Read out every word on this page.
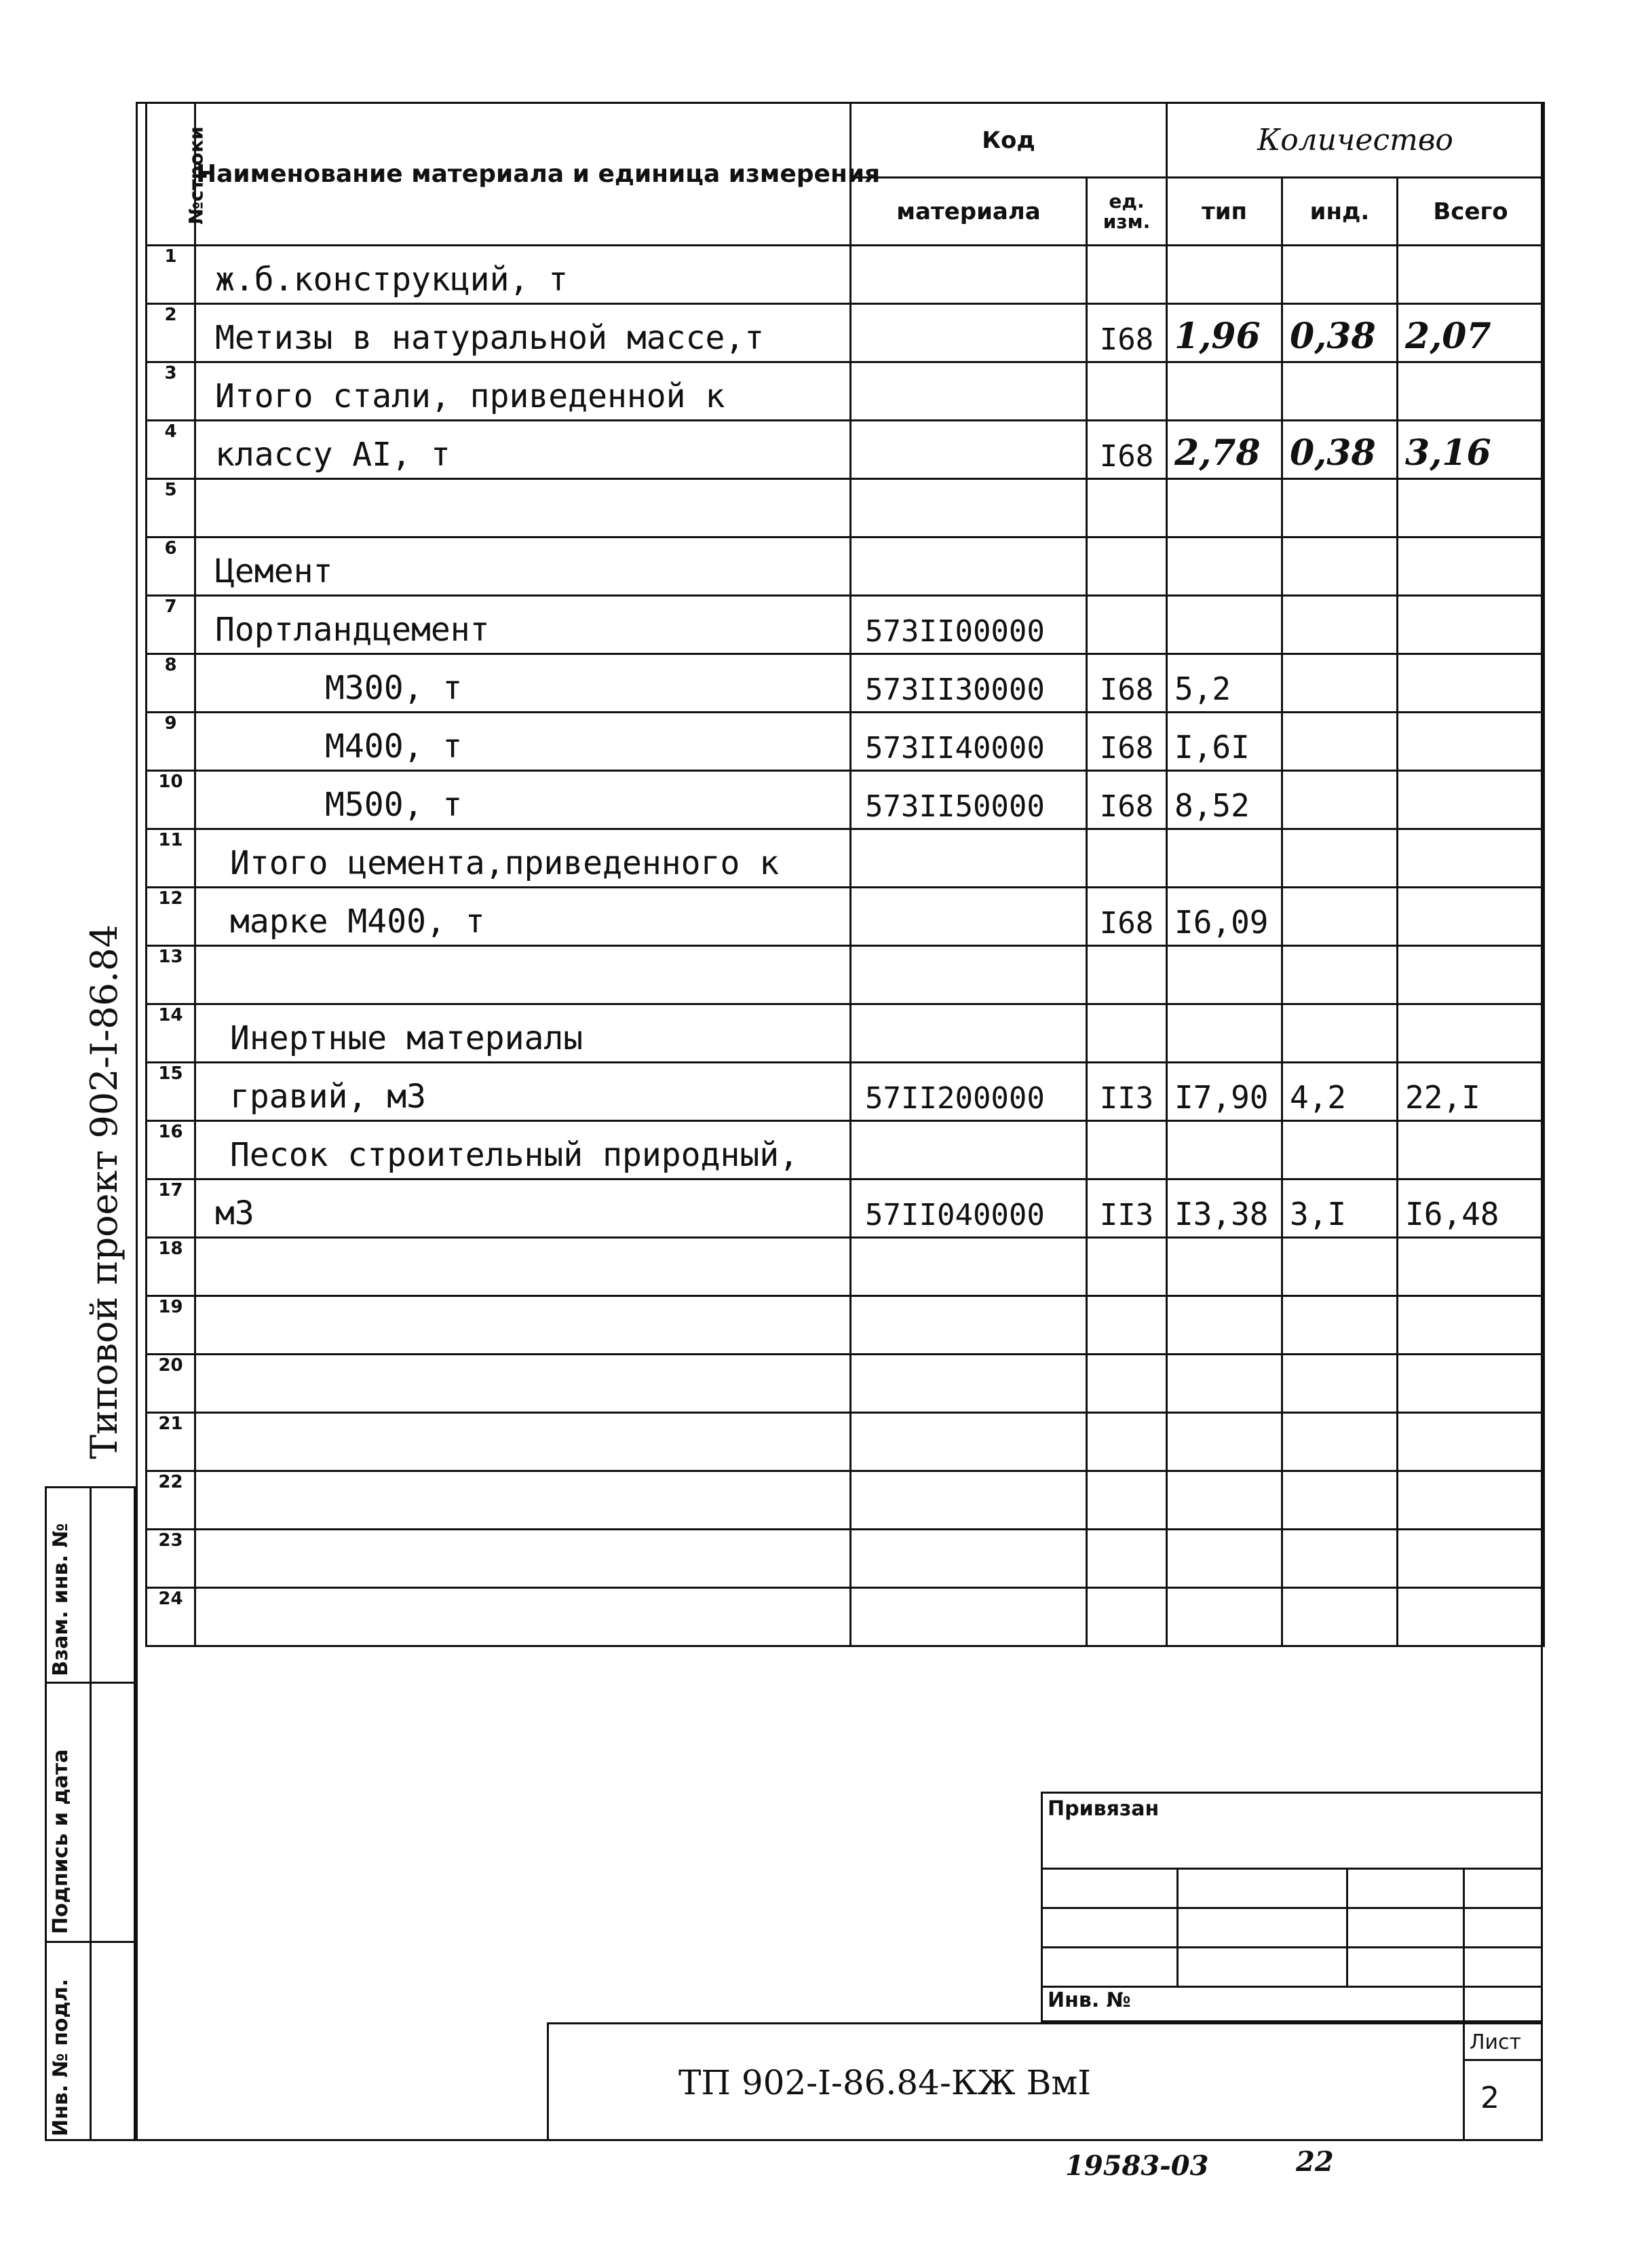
№строки	Наименование материала и единица измерения	Код		Количество		
		материала	ед. изм.	тип	инд.	Всего
1	ж.б.конструкций, т					
2	Метизы в натуральной массе,т		I68	1,96	0,38	2,07
3	Итого стали, приведенной к					
4	классу AI, т		I68	2,78	0,38	3,16
5						
6	Цемент					
7	Портландцемент	573II00000				
8	М300, т	573II30000	I68	5,2		
9	М400, т	573II40000	I68	I,6I		
10	М500, т	573II50000	I68	8,52		
11	Итого цемента,приведенного к					
12	марке М400, т		I68	I6,09		
13						
14	Инертные материалы					
15	гравий, м3	57II200000	II3	I7,90	4,2	22,I
16	Песок строительный природный,					
17	м3	57II040000	II3	I3,38	3,I	I6,48
18						
19						
20						
21						
22						
23						
24						
Типовой проект 902-I-86.84
Взам. инв. №
Подпись и дата
Инв. № подл.
Привязан
Инв. №
ТП 902-I-86.84-КЖ ВмI
Лист
2
19583-03	22
